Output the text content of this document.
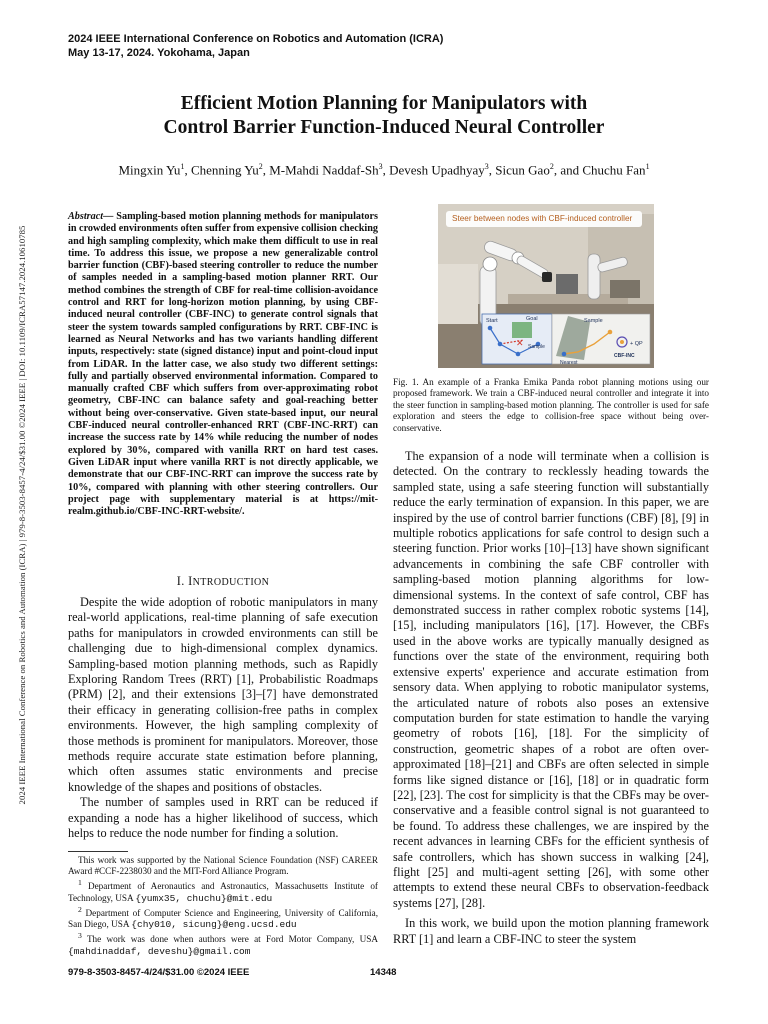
2024 IEEE International Conference on Robotics and Automation (ICRA)
May 13-17, 2024. Yokohama, Japan
Efficient Motion Planning for Manipulators with
Control Barrier Function-Induced Neural Controller
Mingxin Yu$^1$, Chenning Yu$^2$, M-Mahdi Naddaf-Sh$^3$, Devesh Upadhyay$^3$, Sicun Gao$^2$, and Chuchu Fan$^1$
2024 IEEE International Conference on Robotics and Automation (ICRA) | 979-8-3503-8457-4/24/$31.00 ©2024 IEEE | DOI: 10.1109/ICRA57147.2024.10610785
Abstract— Sampling-based motion planning methods for manipulators in crowded environments often suffer from expensive collision checking and high sampling complexity, which make them difficult to use in real time. To address this issue, we propose a new generalizable control barrier function (CBF)-based steering controller to reduce the number of samples needed in a sampling-based motion planner RRT. Our method combines the strength of CBF for real-time collision-avoidance control and RRT for long-horizon motion planning, by using CBF-induced neural controller (CBF-INC) to generate control signals that steer the system towards sampled configurations by RRT. CBF-INC is learned as Neural Networks and has two variants handling different inputs, respectively: state (signed distance) input and point-cloud input from LiDAR. In the latter case, we also study two different settings: fully and partially observed environmental information. Compared to manually crafted CBF which suffers from over-approximating robot geometry, CBF-INC can balance safety and goal-reaching better without being over-conservative. Given state-based input, our neural CBF-induced neural controller-enhanced RRT (CBF-INC-RRT) can increase the success rate by 14% while reducing the number of nodes explored by 30%, compared with vanilla RRT on hard test cases. Given LiDAR input where vanilla RRT is not directly applicable, we demonstrate that our CBF-INC-RRT can improve the success rate by 10%, compared with planning with other steering controllers. Our project page with supplementary material is at https://mit-realm.github.io/CBF-INC-RRT-website/.
I. INTRODUCTION

Despite the wide adoption of robotic manipulators in many real-world applications, real-time planning of safe execution paths for manipulators in crowded environments can still be challenging due to high-dimensional complex dynamics. Sampling-based motion planning methods, such as Rapidly Exploring Random Trees (RRT) [1], Probabilistic Roadmaps (PRM) [2], and their extensions [3]–[7] have demonstrated their efficacy in generating collision-free paths in complex environments. However, the high sampling complexity of those methods is prominent for manipulators. Moreover, those methods require accurate state estimation before planning, which often assumes static environments and precise knowledge of the shapes and positions of obstacles.

The number of samples used in RRT can be reduced if expanding a node has a higher likelihood of success, which helps to reduce the node number for finding a solution.

This work was supported by the National Science Foundation (NSF) CAREER Award #CCF-2238030 and the MIT-Ford Alliance Program.

$^1$ Department of Aeronautics and Astronautics, Massachusetts Institute of Technology, USA {yumx35, chuchu}@mit.edu

$^2$ Department of Computer Science and Engineering, University of California, San Diego, USA {chy010, sicung}@eng.ucsd.edu

$^3$ The work was done when authors were at Ford Motor Company, USA {mahdinaddaf, deveshu}@gmail.com

✕
Start	Goal
Sample
Sample
Nearest
+ QP
CBF-INC
Steer between nodes with CBF-induced controller
Fig. 1. An example of a Franka Emika Panda robot planning motions using our proposed framework. We train a CBF-induced neural controller and integrate it into the steer function in sampling-based motion planning. The controller is used for safe exploration and steers the edge to collision-free space without being over-conservative.

The expansion of a node will terminate when a collision is detected. On the contrary to recklessly heading towards the sampled state, using a safe steering function will substantially reduce the early termination of expansion. In this paper, we are inspired by the use of control barrier functions (CBF) [8], [9] in multiple robotics applications for safe control to design such a steering function. Prior works [10]–[13] have shown significant advancements in combining the safe CBF controller with sampling-based motion planning algorithms for low-dimensional systems. In the context of safe control, CBF has demonstrated success in rather complex robotic systems [14], [15], including manipulators [16], [17]. However, the CBFs used in the above works are typically manually designed as functions over the state of the environment, requiring both extensive experts' experience and accurate estimation from sensory data. When applying to robotic manipulator systems, the articulated nature of robots also poses an extensive computation burden for state estimation to handle the varying geometry of robots [16], [18]. For the simplicity of construction, geometric shapes of a robot are often over-approximated [18]–[21] and CBFs are often selected in simple forms like signed distance or [16], [18] or in quadratic form [22], [23]. The cost for simplicity is that the CBFs may be over-conservative and a feasible control signal is not guaranteed to be found. To address these challenges, we are inspired by the recent advances in learning CBFs for the efficient synthesis of safe controllers, which has shown success in walking [24], flight [25] and multi-agent setting [26], with some other attempts to extend these neural CBFs to observation-feedback systems [27], [28].

In this work, we build upon the motion planning framework RRT [1] and learn a CBF-INC to steer the system

979-8-3503-8457-4/24/$31.00 ©2024 IEEE	14348
